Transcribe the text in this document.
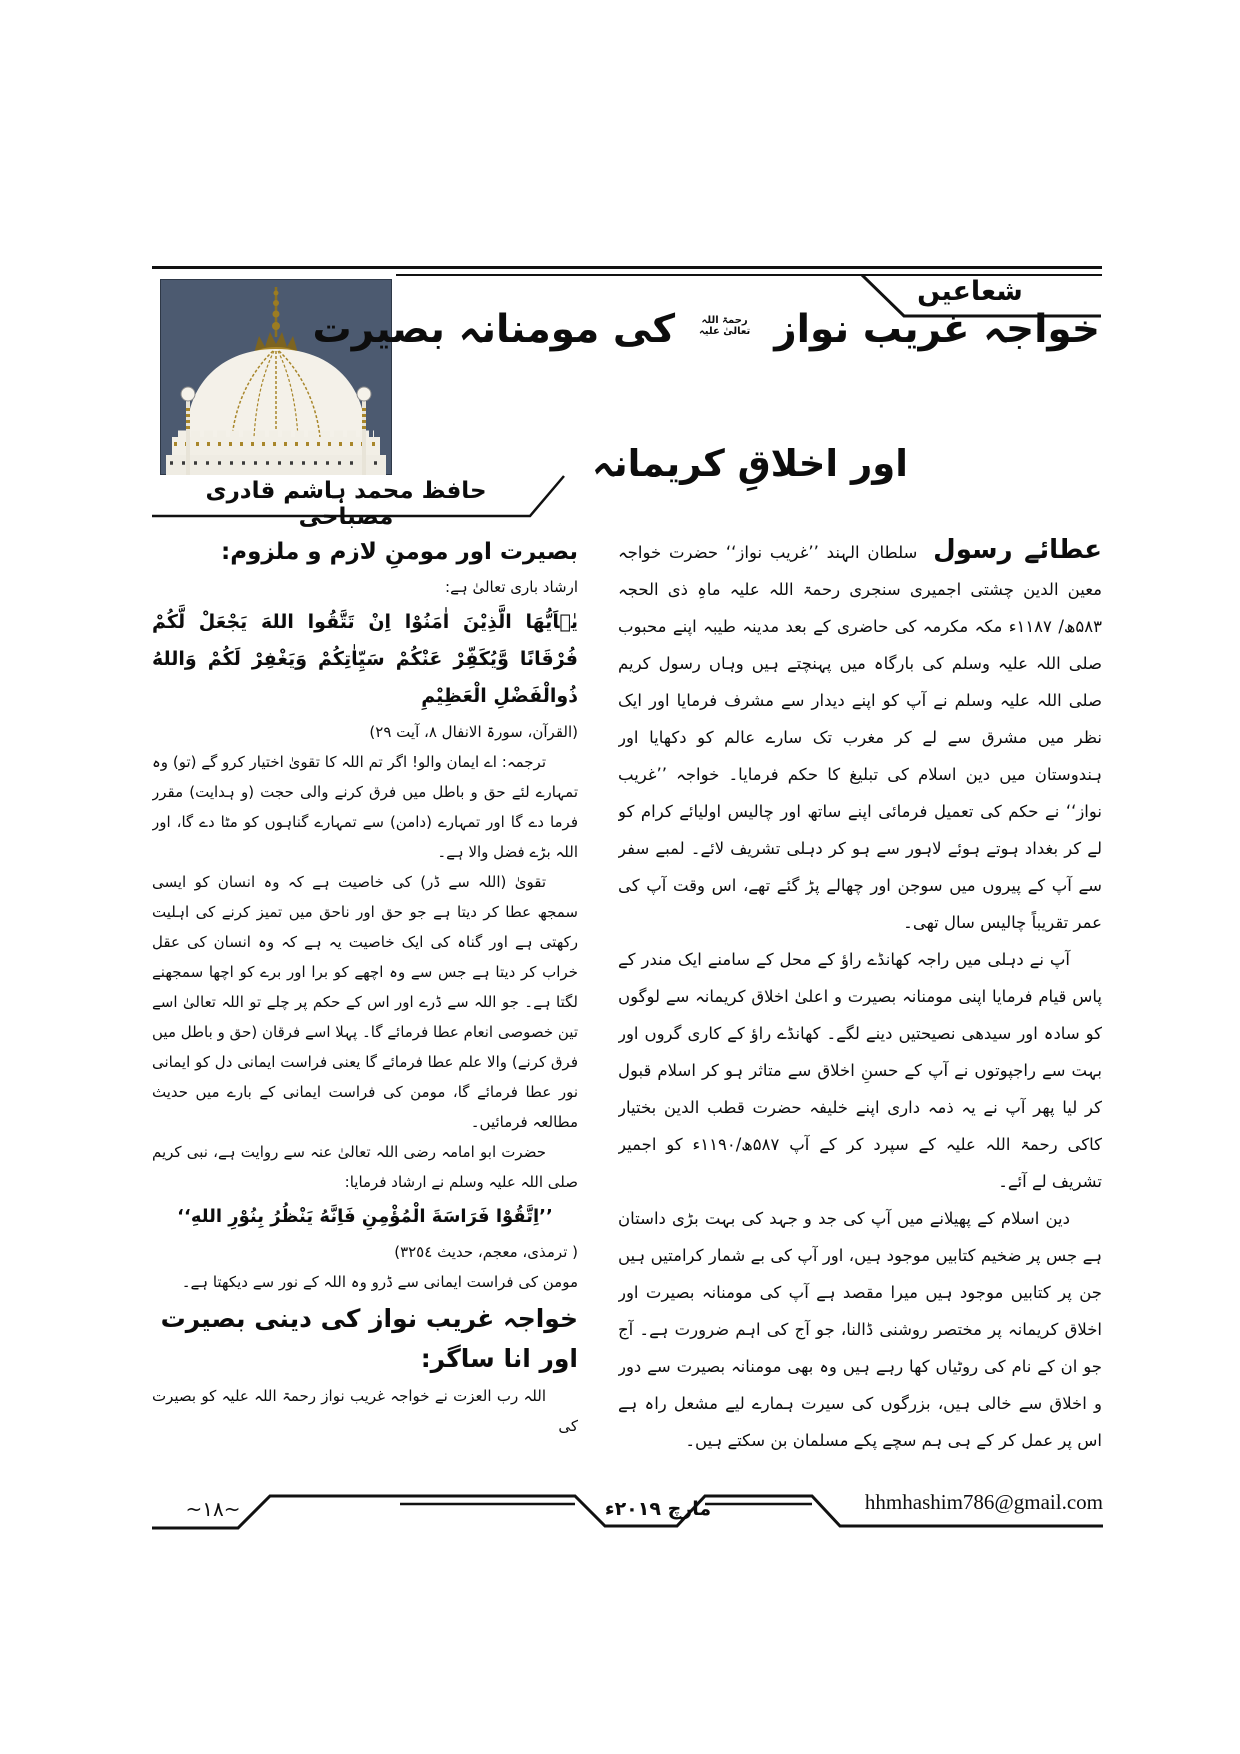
شعاعیں
خواجہ غریب نواز رحمۃ اللہ تعالیٰ علیہ کی مومنانہ بصیرت
اور اخلاقِ کریمانہ
حافظ محمد ہاشم قادری مصباحی

عطائے رسول سلطان الہند ’’غریب نواز‘‘ حضرت خواجہ معین الدین چشتی اجمیری سنجری رحمۃ اللہ علیہ ماہِ ذی الحجہ ۵۸۳ھ/ ۱۱۸۷ء مکہ مکرمہ کی حاضری کے بعد مدینہ طیبہ اپنے محبوب صلی اللہ علیہ وسلم کی بارگاہ میں پہنچتے ہیں وہاں رسول کریم صلی اللہ علیہ وسلم نے آپ کو اپنے دیدار سے مشرف فرمایا اور ایک نظر میں مشرق سے لے کر مغرب تک سارے عالم کو دکھایا اور ہندوستان میں دین اسلام کی تبلیغ کا حکم فرمایا۔ خواجہ ’’غریب نواز‘‘ نے حکم کی تعمیل فرمائی اپنے ساتھ اور چالیس اولیائے کرام کو لے کر بغداد ہوتے ہوئے لاہور سے ہو کر دہلی تشریف لائے۔ لمبے سفر سے آپ کے پیروں میں سوجن اور چھالے پڑ گئے تھے، اس وقت آپ کی عمر تقریباً چالیس سال تھی۔

آپ نے دہلی میں راجہ کھانڈے راؤ کے محل کے سامنے ایک مندر کے پاس قیام فرمایا اپنی مومنانہ بصیرت و اعلیٰ اخلاق کریمانہ سے لوگوں کو سادہ اور سیدھی نصیحتیں دینے لگے۔ کھانڈے راؤ کے کاری گروں اور بہت سے راجپوتوں نے آپ کے حسنِ اخلاق سے متاثر ہو کر اسلام قبول کر لیا پھر آپ نے یہ ذمہ داری اپنے خلیفہ حضرت قطب الدین بختیار کاکی رحمۃ اللہ علیہ کے سپرد کر کے آپ ۵۸۷ھ/۱۱۹۰ء کو اجمیر تشریف لے آئے۔

دین اسلام کے پھیلانے میں آپ کی جد و جہد کی بہت بڑی داستان ہے جس پر ضخیم کتابیں موجود ہیں، اور آپ کی بے شمار کرامتیں ہیں جن پر کتابیں موجود ہیں میرا مقصد ہے آپ کی مومنانہ بصیرت اور اخلاق کریمانہ پر مختصر روشنی ڈالنا، جو آج کی اہم ضرورت ہے۔ آج جو ان کے نام کی روٹیاں کھا رہے ہیں وہ بھی مومنانہ بصیرت سے دور و اخلاق سے خالی ہیں، بزرگوں کی سیرت ہمارے لیے مشعل راہ ہے اس پر عمل کر کے ہی ہم سچے پکے مسلمان بن سکتے ہیں۔

بصیرت اور مومنِ لازم و ملزوم:

ارشاد باری تعالیٰ ہے:

یٰۤاَیُّهَا الَّذِیْنَ اٰمَنُوْا اِنْ تَتَّقُوا اللهَ یَجْعَلْ لَّکُمْ فُرْقَانًا وَّیُکَفِّرْ عَنْکُمْ سَیِّاٰتِکُمْ وَیَغْفِرْ لَکُمْ وَاللهُ ذُوالْفَضْلِ الْعَظِیْمِ

(القرآن، سورۃ الانفال ۸، آیت ۲۹)

ترجمہ: اے ایمان والو! اگر تم اللہ کا تقویٰ اختیار کرو گے (تو) وہ تمہارے لئے حق و باطل میں فرق کرنے والی حجت (و ہدایت) مقرر فرما دے گا اور تمہارے (دامن) سے تمہارے گناہوں کو مٹا دے گا، اور اللہ بڑے فضل والا ہے۔

تقویٰ (اللہ سے ڈر) کی خاصیت ہے کہ وہ انسان کو ایسی سمجھ عطا کر دیتا ہے جو حق اور ناحق میں تمیز کرنے کی اہلیت رکھتی ہے اور گناہ کی ایک خاصیت یہ ہے کہ وہ انسان کی عقل خراب کر دیتا ہے جس سے وہ اچھے کو برا اور برے کو اچھا سمجھنے لگتا ہے۔ جو اللہ سے ڈرے اور اس کے حکم پر چلے تو اللہ تعالیٰ اسے تین خصوصی انعام عطا فرمائے گا۔ پہلا اسے فرقان (حق و باطل میں فرق کرنے) والا علم عطا فرمائے گا یعنی فراست ایمانی دل کو ایمانی نور عطا فرمائے گا، مومن کی فراست ایمانی کے بارے میں حدیث مطالعہ فرمائیں۔

حضرت ابو امامہ رضی اللہ تعالیٰ عنہ سے روایت ہے، نبی کریم صلی اللہ علیہ وسلم نے ارشاد فرمایا:

’’اِتَّقُوْا فَرَاسَةَ الْمُؤْمِنِ فَاِنَّهُ یَنْظُرُ بِنُوْرِ اللهِ‘‘

( ترمذی، معجم، حدیث ٣٢٥٤)

مومن کی فراست ایمانی سے ڈرو وہ اللہ کے نور سے دیکھتا ہے۔

خواجہ غریب نواز کی دینی بصیرت اور انا ساگر:

اللہ رب العزت نے خواجہ غریب نواز رحمۃ اللہ علیہ کو بصیرت کی

~۱۸~	مارچ ۲۰۱۹ء	hhmhashim786@gmail.com
